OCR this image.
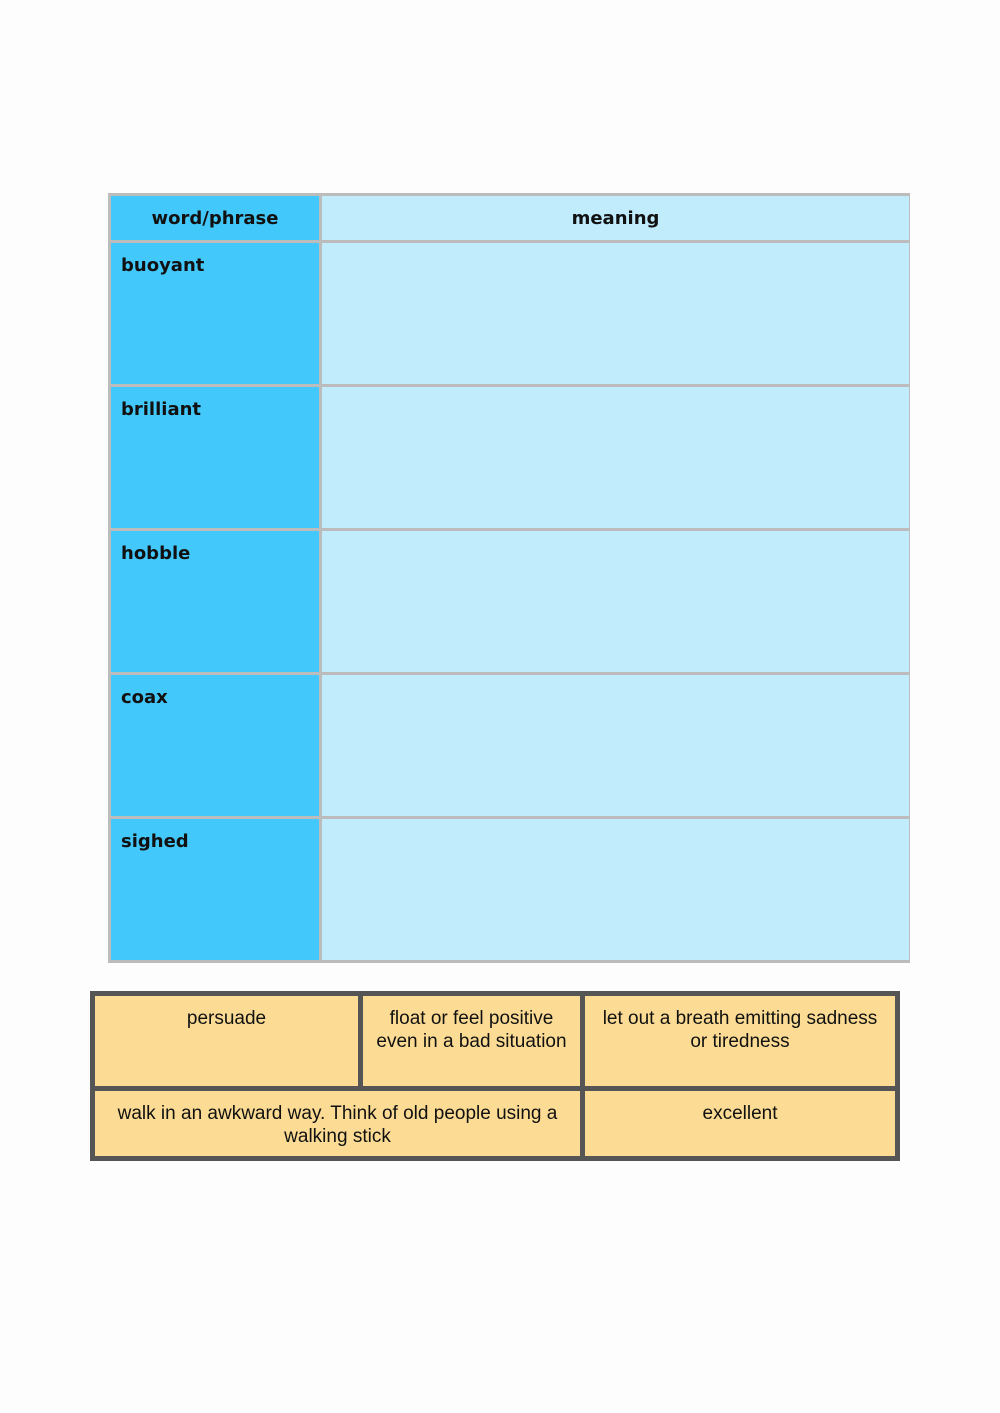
word/phrase	meaning
buoyant
brilliant
hobble
coax
sighed
persuade	float or feel positive even in a bad situation
let out a breath emitting sadness or tiredness
walk in an awkward way. Think of old people using a walking stick
excellent
